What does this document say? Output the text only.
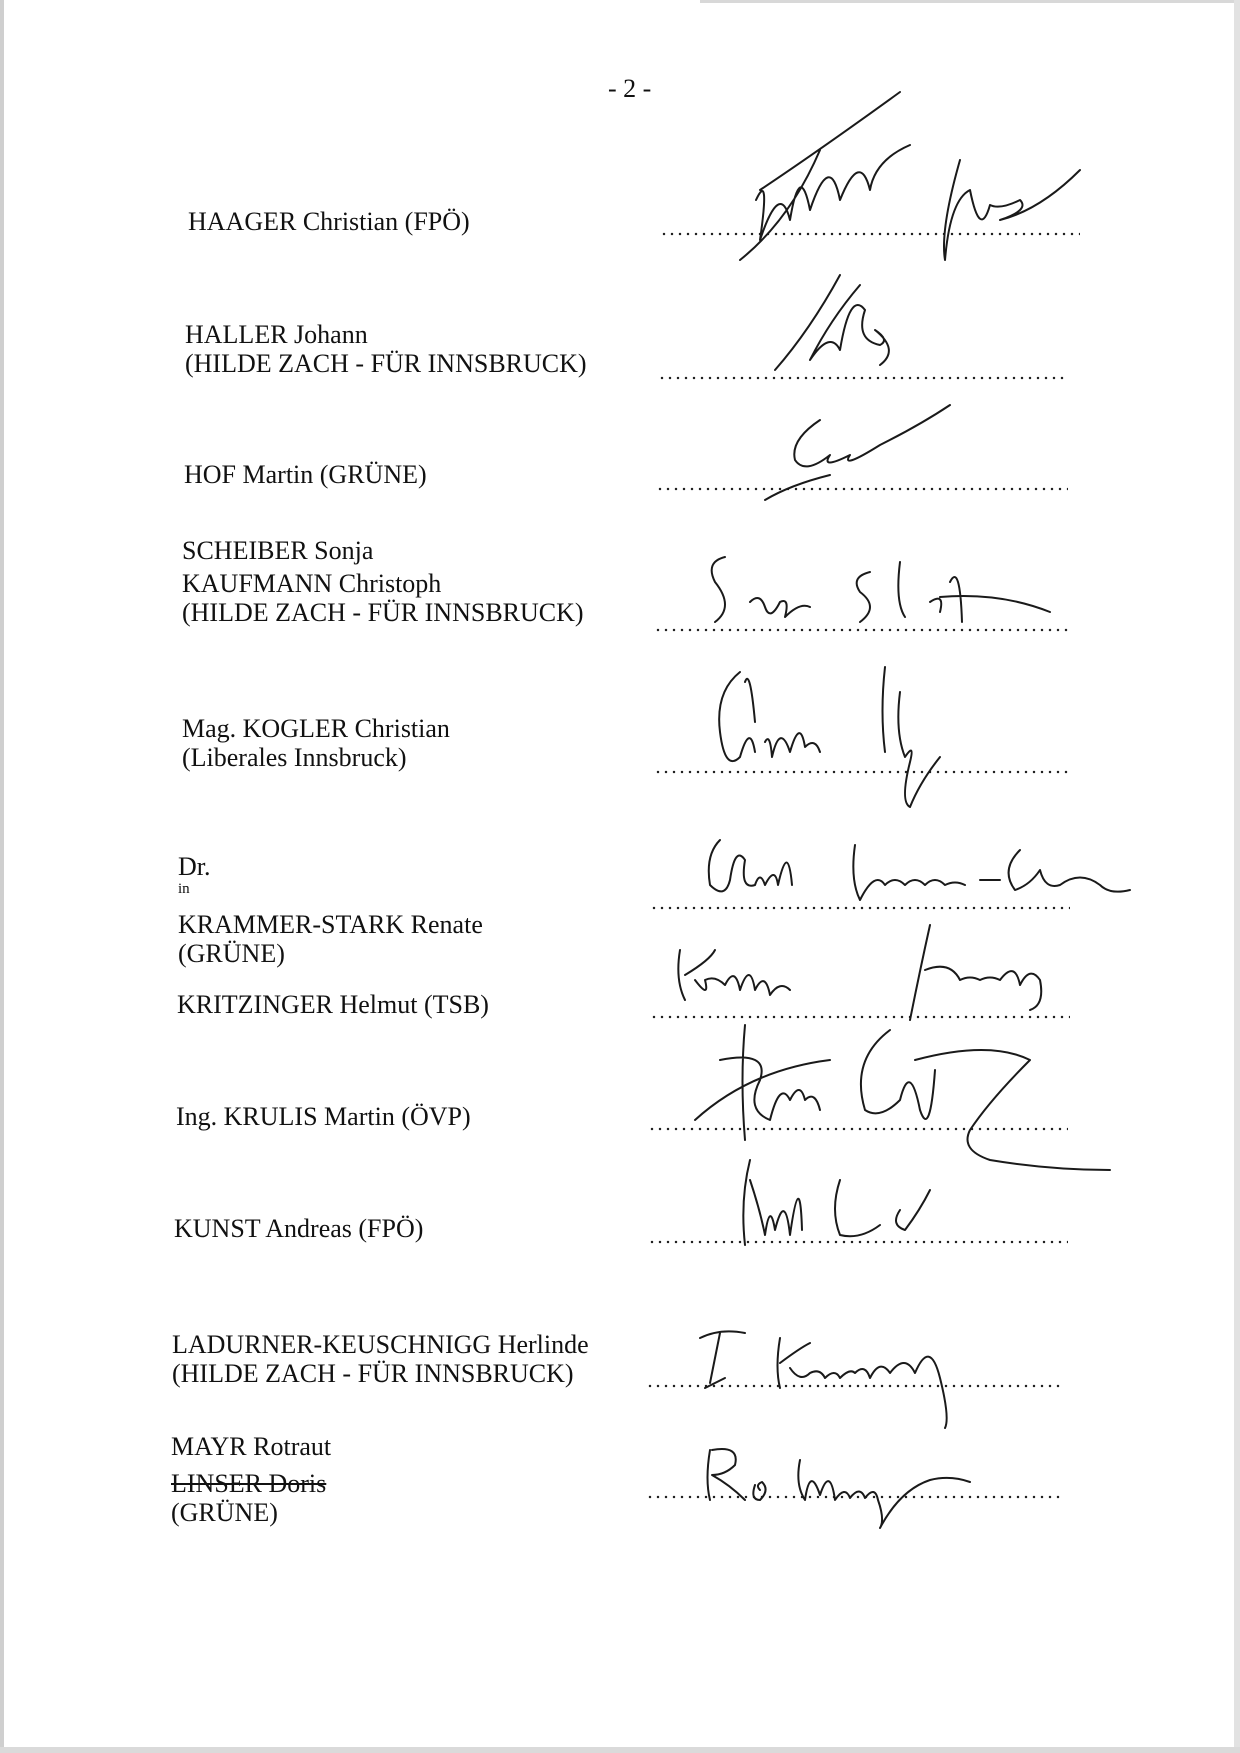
- 2 -
HAAGER Christian (FPÖ)
HALLER Johann
(HILDE ZACH - FÜR INNSBRUCK)
HOF Martin (GRÜNE)
SCHEIBER Sonja
KAUFMANN Christoph
(HILDE ZACH - FÜR INNSBRUCK)
Mag. KOGLER Christian
(Liberales Innsbruck)
Dr.
$^{in}$
KRAMMER-STARK Renate
(GRÜNE)
KRITZINGER Helmut (TSB)
Ing. KRULIS Martin (ÖVP)
KUNST Andreas (FPÖ)
LADURNER-KEUSCHNIGG Herlinde
(HILDE ZACH - FÜR INNSBRUCK)
MAYR Rotraut
LINSER Doris
(GRÜNE)
